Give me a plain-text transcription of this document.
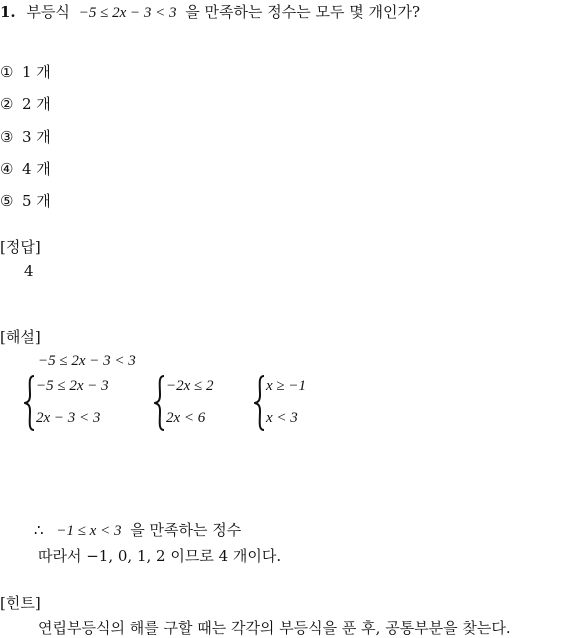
1. 부등식 −5 ≤ 2x − 3 < 3 을 만족하는 정수는 모두 몇 개인가?
① 1 개
② 2 개
③ 3 개
④ 4 개
⑤ 5 개
[정답]
4
[해설]
−5 ≤ 2x − 3 < 3
−5 ≤ 2x − 3
2x − 3 < 3
−2x ≤ 2
2x < 6
x ≥ −1
x < 3
∴ −1 ≤ x < 3 을 만족하는 정수
따라서 −1, 0, 1, 2 이므로 4 개이다.
[힌트]
연립부등식의 해를 구할 때는 각각의 부등식을 푼 후, 공통부분을 찾는다.
